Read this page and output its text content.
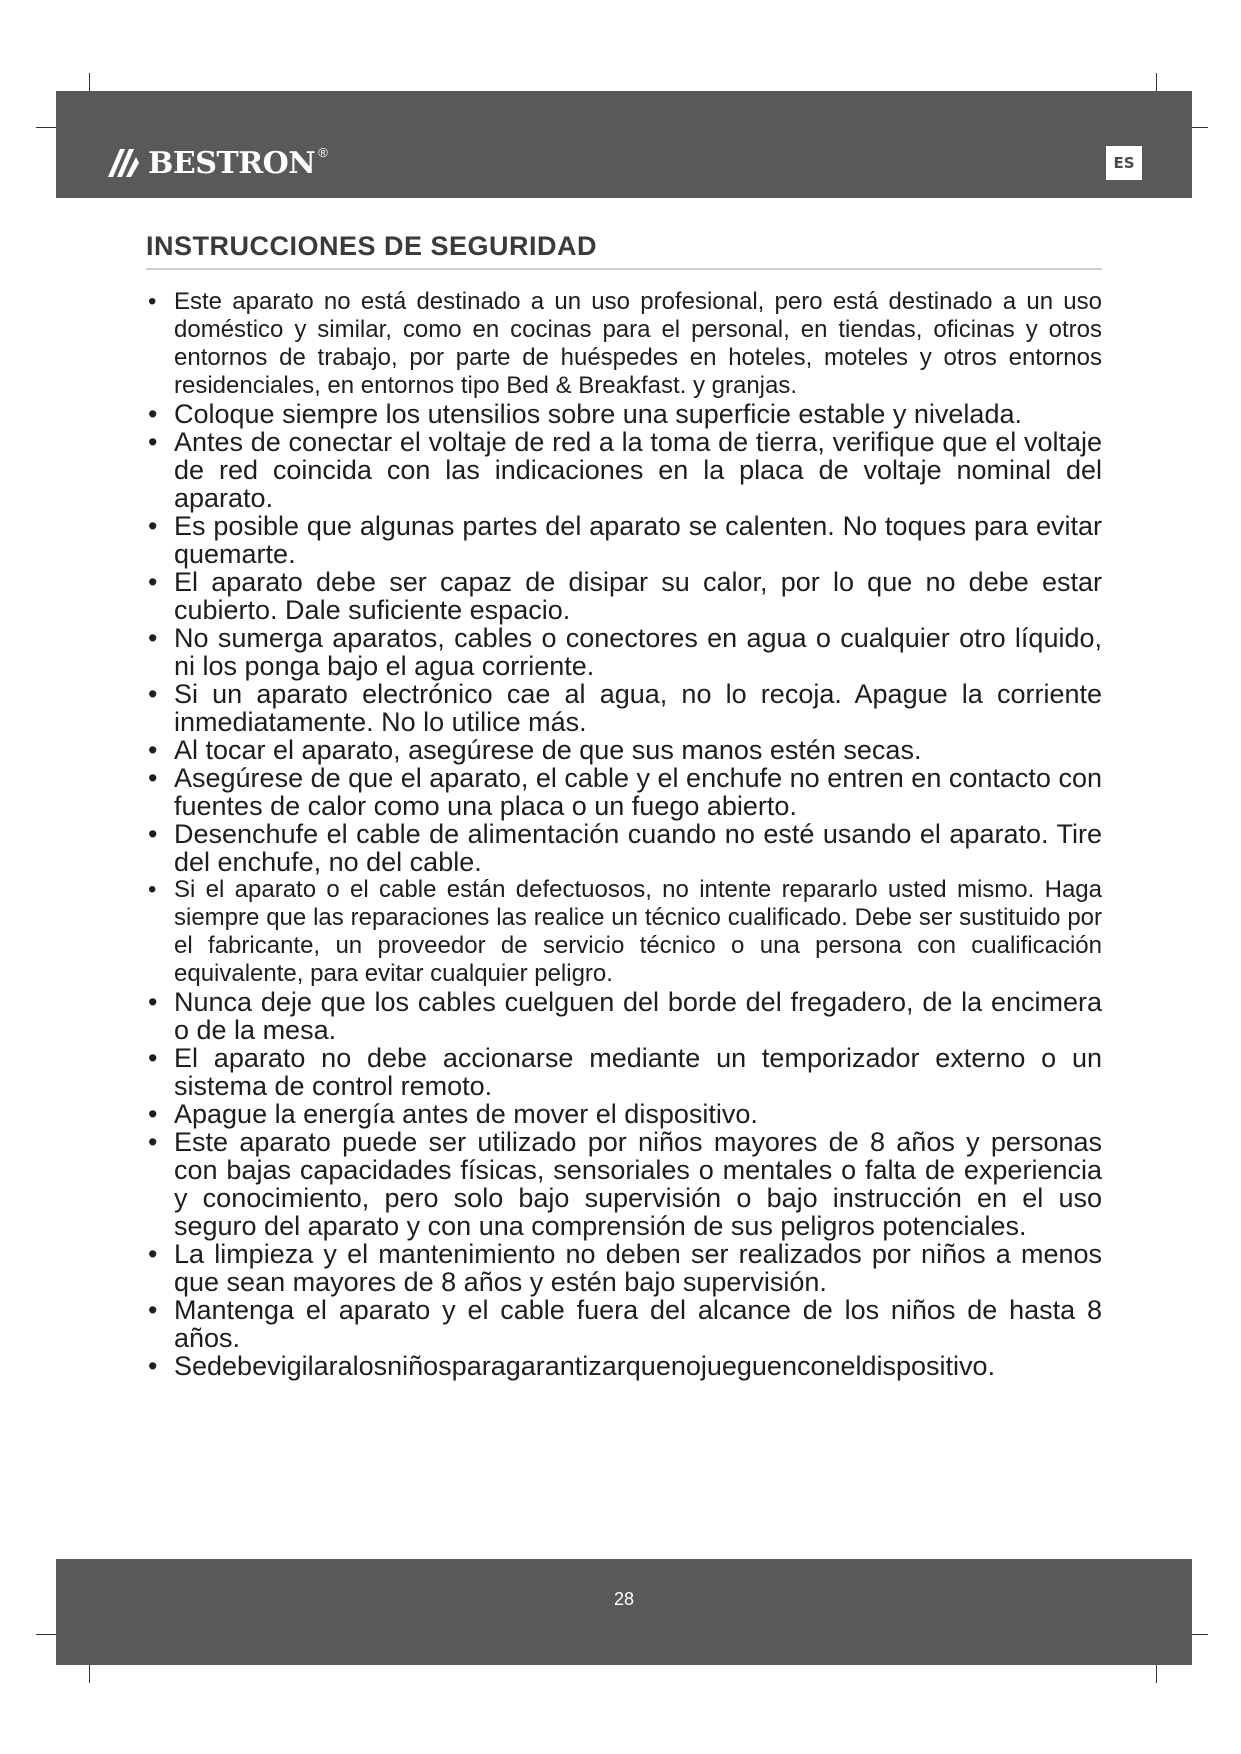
BESTRON ®
ES
INSTRUCCIONES DE SEGURIDAD
• Este aparato no está destinado a un uso profesional, pero está destinado a un uso doméstico y similar, como en cocinas para el personal, en tiendas, oficinas y otros entornos de trabajo, por parte de huéspedes en hoteles, moteles y otros entornos residenciales, en entornos tipo Bed & Breakfast. y granjas.
• Coloque siempre los utensilios sobre una superficie estable y nivelada.
• Antes de conectar el voltaje de red a la toma de tierra, verifique que el voltaje de red coincida con las indicaciones en la placa de voltaje nominal del aparato.
• Es posible que algunas partes del aparato se calenten. No toques para evitar quemarte.
• El aparato debe ser capaz de disipar su calor, por lo que no debe estar cubierto. Dale suficiente espacio.
• No sumerga aparatos, cables o conectores en agua o cualquier otro líquido, ni los ponga bajo el agua corriente.
• Si un aparato electrónico cae al agua, no lo recoja. Apague la corriente inmediatamente. No lo utilice más.
• Al tocar el aparato, asegúrese de que sus manos estén secas.
• Asegúrese de que el aparato, el cable y el enchufe no entren en contacto con fuentes de calor como una placa o un fuego abierto.
• Desenchufe el cable de alimentación cuando no esté usando el aparato. Tire del enchufe, no del cable.
• Si el aparato o el cable están defectuosos, no intente repararlo usted mismo. Haga siempre que las reparaciones las realice un técnico cualificado. Debe ser sustituido por el fabricante, un proveedor de servicio técnico o una persona con cualificación equivalente, para evitar cualquier peligro.
• Nunca deje que los cables cuelguen del borde del fregadero, de la encimera o de la mesa.
• El aparato no debe accionarse mediante un temporizador externo o un sistema de control remoto.
• Apague la energía antes de mover el dispositivo.
• Este aparato puede ser utilizado por niños mayores de 8 años y personas con bajas capacidades físicas, sensoriales o mentales o falta de experiencia y conocimiento, pero solo bajo supervisión o bajo instrucción en el uso seguro del aparato y con una comprensión de sus peligros potenciales.
• La limpieza y el mantenimiento no deben ser realizados por niños a menos que sean mayores de 8 años y estén bajo supervisión.
• Mantenga el aparato y el cable fuera del alcance de los niños de hasta 8 años.
• Sedebevigilaralosniñosparagarantizarquenojueguenconeldispositivo.
28
